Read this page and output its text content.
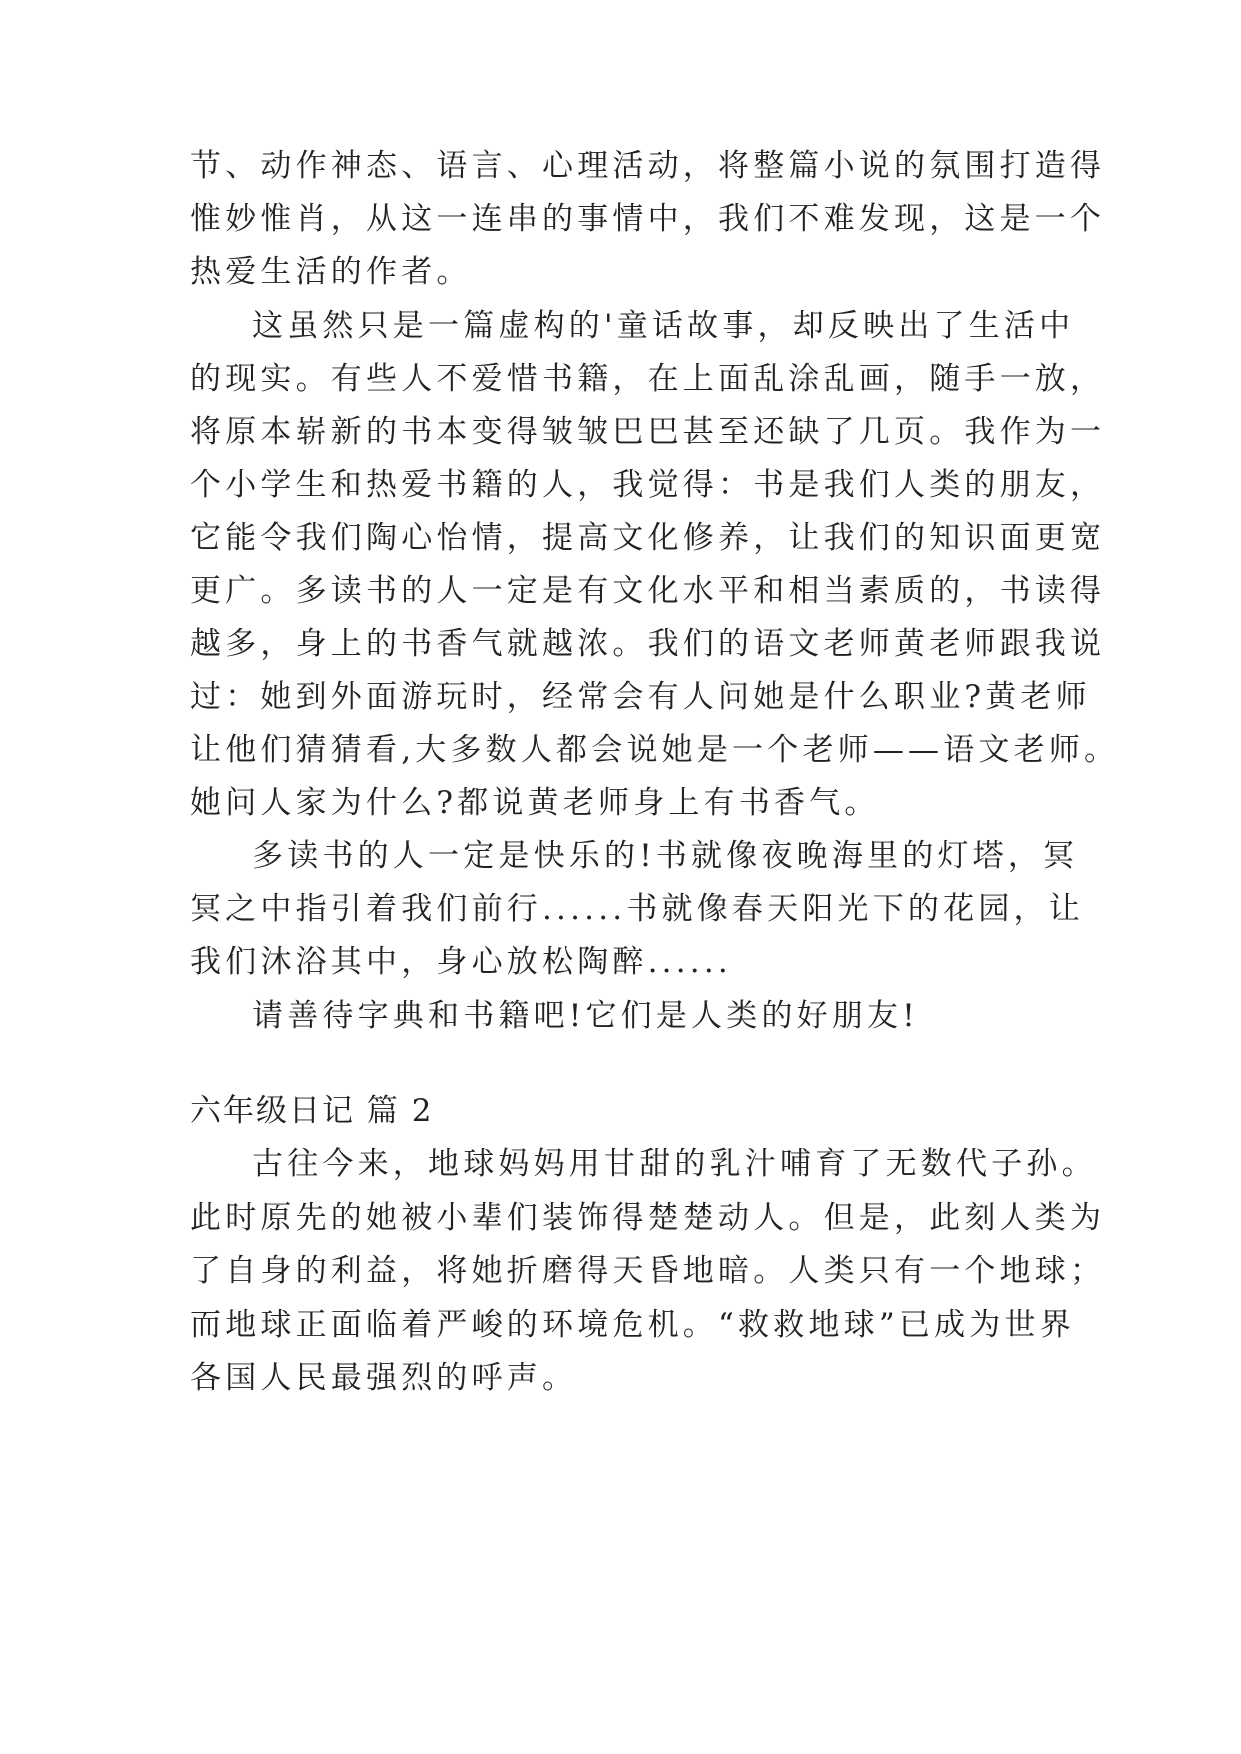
节、动作神态、语言、心理活动，将整篇小说的氛围打造得
惟妙惟肖，从这一连串的事情中，我们不难发现，这是一个
热爱生活的作者。
这虽然只是一篇虚构的'童话故事，却反映出了生活中
的现实。有些人不爱惜书籍，在上面乱涂乱画，随手一放，
将原本崭新的书本变得皱皱巴巴甚至还缺了几页。我作为一
个小学生和热爱书籍的人，我觉得：书是我们人类的朋友，
它能令我们陶心怡情，提高文化修养，让我们的知识面更宽
更广。多读书的人一定是有文化水平和相当素质的，书读得
越多，身上的书香气就越浓。我们的语文老师黄老师跟我说
过：她到外面游玩时，经常会有人问她是什么职业?黄老师
让他们猜猜看,大多数人都会说她是一个老师——语文老师。
她问人家为什么?都说黄老师身上有书香气。
多读书的人一定是快乐的!书就像夜晚海里的灯塔，冥
冥之中指引着我们前行......书就像春天阳光下的花园，让
我们沐浴其中，身心放松陶醉......
请善待字典和书籍吧!它们是人类的好朋友!
六年级日记 篇 2
古往今来，地球妈妈用甘甜的乳汁哺育了无数代子孙。
此时原先的她被小辈们装饰得楚楚动人。但是，此刻人类为
了自身的利益，将她折磨得天昏地暗。人类只有一个地球；
而地球正面临着严峻的环境危机。“救救地球”已成为世界
各国人民最强烈的呼声。
